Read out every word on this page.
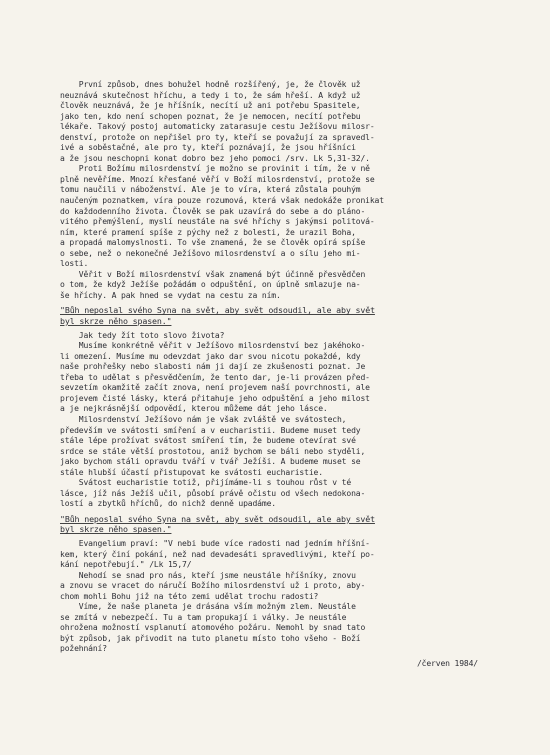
První způsob, dnes bohužel hodně rozšířený, je, že člověk už
neuznává skutečnost hříchu, a tedy i to, že sám hřeší. A když už
člověk neuznává, že je hříšník, necítí už ani potřebu Spasitele,
jako ten, kdo není schopen poznat, že je nemocen, necítí potřebu
lékaře. Takový postoj automaticky zatarasuje cestu Ježíšovu milosr-
denství, protože on nepřišel pro ty, kteří se považují za spravedl-
ivé a soběstačné, ale pro ty, kteří poznávají, že jsou hříšníci
a že jsou neschopni konat dobro bez jeho pomoci /srv. Lk 5,31-32/.
Proti Božímu milosrdenství je možno se provinit i tím, že v ně
plně nevěříme. Mnozí křesťané věří v Boží milosrdenství, protože se
tomu naučili v náboženství. Ale je to víra, která zůstala pouhým
naučeným poznatkem, víra pouze rozumová, která však nedokáže pronikat
do každodenního života. Člověk se pak uzavírá do sebe a do pláno-
vitého přemýšlení, myslí neustále na své hříchy s jakýmsi politová-
ním, které pramení spíše z pýchy než z bolesti, že urazil Boha,
a propadá malomyslnosti. To vše znamená, že se člověk opírá spíše
o sebe, než o nekonečné Ježíšovo milosrdenství a o sílu jeho mi-
losti.
Věřit v Boží milosrdenství však znamená být účinně přesvědčen
o tom, že když Ježíše požádám o odpuštění, on úplně smlazuje na-
še hříchy. A pak hned se vydat na cestu za ním.
"Bůh neposlal svého Syna na svět, aby svět odsoudil, ale aby svět
byl skrze něho spasen."
Jak tedy žít toto slovo života?
Musíme konkrétně věřit v Ježíšovo milosrdenství bez jakéhoko-
li omezení. Musíme mu odevzdat jako dar svou nicotu pokaždé, kdy
naše prohřešky nebo slabosti nám ji dají ze zkušenosti poznat. Je
třeba to udělat s přesvědčením, že tento dar, je-li provázen před-
sevzetím okamžitě začít znova, není projevem naší povrchnosti, ale
projevem čisté lásky, která přitahuje jeho odpuštění a jeho milost
a je nejkrásnější odpovědí, kterou můžeme dát jeho lásce.
Milosrdenství Ježíšovo nám je však zvláště ve svátostech,
především ve svátosti smíření a v eucharistii. Budeme muset tedy
stále lépe prožívat svátost smíření tím, že budeme otevírat své
srdce se stále větší prostotou, aniž bychom se báli nebo styděli,
jako bychom stáli opravdu tváří v tvář Ježíši. A budeme muset se
stále hlubší účastí přistupovat ke svátosti eucharistie.
Svátost eucharistie totiž, přijímáme-li s touhou růst v té
lásce, jíž nás Ježíš učil, působí právě očistu od všech nedokona-
lostí a zbytků hříchů, do nichž denně upadáme.
"Bůh neposlal svého Syna na svět, aby svět odsoudil, ale aby svět
byl skrze něho spasen."
Evangelium praví: "V nebi bude více radosti nad jedním hříšní-
kem, který činí pokání, než nad devadesáti spravedlivými, kteří po-
kání nepotřebují." /Lk 15,7/
Nehodí se snad pro nás, kteří jsme neustále hříšníky, znovu
a znovu se vracet do náručí Božího milosrdenství už i proto, aby-
chom mohli Bohu již na této zemi udělat trochu radosti?
Víme, že naše planeta je drásána vším možným zlem. Neustále
se zmítá v nebezpečí. Tu a tam propukají i války. Je neustále
ohrožena možností vsplanutí atomového požáru. Nemohl by snad tato
být způsob, jak přivodit na tuto planetu místo toho všeho - Boží
požehnání?
/červen 1984/
